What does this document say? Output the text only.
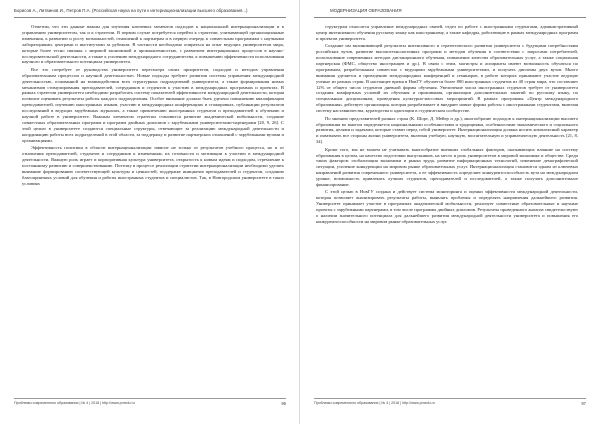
Борисов А., Литвинов И., Петров П.А. (Российская наука на пути к интернационализации высшего образования...)

Отметим, что эти данные важны для изучения ключевых моментов подходов к национальной интернационализации и к управлению университетом, так и к стратегии. В первом случае потребуется перейти к стратегии, учитывающей организационные изменения, к развитию и росту возможностей, отношений к партнерам и в первую очередь к совместным программам с научными лабораториями, центрами и институтами за рубежом. В частности необходимо опираться на опыт ведущих университетов мира, которые более тесно связаны с мировой экономикой и промышленностью, с развитием интеграционных процессов в научно-исследовательской деятельности, а также к усилению международного сотрудничества, к повышению эффективности использования научного и образовательного потенциала университета.

Все это потребует от руководства университета пересмотра своих приоритетов, подходов и методов управления образовательным процессом и научной деятельностью. Новые подходы требуют развития системы управления международной деятельностью, основанной на взаимодействии всех структурных подразделений университета, а также формирования новых механизмов стимулирования преподавателей, сотрудников и студентов к участию в международных программах и проектах. В рамках стратегии университета необходимо разработать систему показателей эффективности международной деятельности, которая позволит оценивать результаты работы каждого подразделения. Особое внимание должно быть уделено повышению квалификации преподавателей, изучению иностранных языков, участию в международных конференциях и стажировках, публикации результатов исследований в ведущих зарубежных журналах, а также привлечению иностранных студентов и преподавателей к обучению и научной работе в университете. Важным элементом стратегии становится развитие академической мобильности, создание совместных образовательных программ и программ двойных дипломов с зарубежными университетами-партнерами [20, 9, 26]. С этой целью в университете создаются специальные структуры, отвечающие за реализацию международной деятельности и координацию работы всех подразделений в этой области, за поддержку и развитие партнерских отношений с зарубежными вузами и организациями.

Эффективность политики в области интернационализации зависит не только от результатов учебного процесса, но и от отношения преподавателей, студентов и сотрудников к изменениям, их готовности и мотивации к участию в международной деятельности. Важную роль играет и корпоративная культура университета, открытость к новым идеям и подходам, стремление к постоянному развитию и совершенствованию. Поэтому в процессе реализации стратегии интернационализации необходимо уделять внимание формированию соответствующей культуры и ценностей, поддержке инициатив преподавателей и студентов, созданию благоприятных условий для обучения и работы иностранных студентов и специалистов. Так, в Новгородском университете в таких условиях

Проблемы современного образования | № 4 | 2018 | http://www.pmedu.ru	96
МОДЕРНИЗАЦИЯ ОБРАЗОВАНИЯ

структурам относится управление международных связей, отдел по работе с иностранными студентами, административный центр интенсивного обучения русскому языку как иностранному, а также кафедры, работающие в рамках международных программ и проектов университета.

Создание им вклинивающей результаты интенсивного и стратегического развития университета с будущими потребностями российских вузов, развитие высокотехнологичных программ и методов обучения в соответствии с запросами потребителей, использование современных методов дистанционного обучения, повышение качества образовательных услуг, а также социальная партнерская (ФМС, общество иностранцев и др.). В связи с этим, магистры и аспиранты имеют возможность обучаться по программам, разработанным совместно с ведущими зарубежными университетами, и получать дипломы двух вузов. Много внимания уделяется и проведению международных конференций и семинаров, в работе которых принимают участие ведущие ученые из разных стран. В настоящее время в НовГУ обучается более 800 иностранных студентов из 40 стран мира, что составляет 12% от общего числа студентов дневной формы обучения. Увеличение числа иностранных студентов требует от университета создания комфортных условий их обучения и проживания, организации дополнительных занятий по русскому языку, по специальным дисциплинам, проведения культурно-массовых мероприятий. В рамках программы «Центр международного образования» действует организация, которая разрабатывает и внедряет новые формы работы с иностранными студентами, включая систему наставничества, кураторства и адаптации в студенческом сообществе.

По мнению представителей разных стран (К. Шорт, Д. Мейер и др.), многообразие подходов к интернационализации высшего образования во многом определяется национальными особенностями и традициями, особенностями экономического и социального развития, целями и задачами, которые ставит перед собой университет. Интернационализация должна носить комплексный характер и охватывать все стороны жизни университета, включая учебную, научную, воспитательную и управленческую деятельность [21, 8, 34].

Кроме того, мы не можем не учитывать многообразие внешних глобальных факторов, оказывающих влияние на систему образования в целом, на качество подготовки выпускников, на место и роль университетов в мировой экономике и обществе. Среди таких факторов: глобализация экономики и рынка труда, развитие информационных технологий, изменение демографической ситуации, усиление конкуренции на мировом рынке образовательных услуг. Интернационализация становится одним из ключевых направлений развития современного университета, а ее эффективность определяет конкурентоспособность вуза на международном уровне, возможность привлекать лучших студентов, преподавателей и исследователей, а также получать дополнительное финансирование.

С этой целью в НовГУ создана и действует система мониторинга и оценки эффективности международной деятельности, которая позволяет анализировать результаты работы, выявлять проблемы и определять направления дальнейшего развития. Университет принимает участие в программах академической мобильности, реализует совместные образовательные и научные проекты с зарубежными партнерами, в том числе программы двойных дипломов. Результаты проведенного анализа свидетельствуют о наличии значительного потенциала для дальнейшего развития международной деятельности университета и повышения его конкурентоспособности на мировом рынке образовательных услуг.

Проблемы современного образования | № 4 | 2018 | http://www.pmedu.ru	97
